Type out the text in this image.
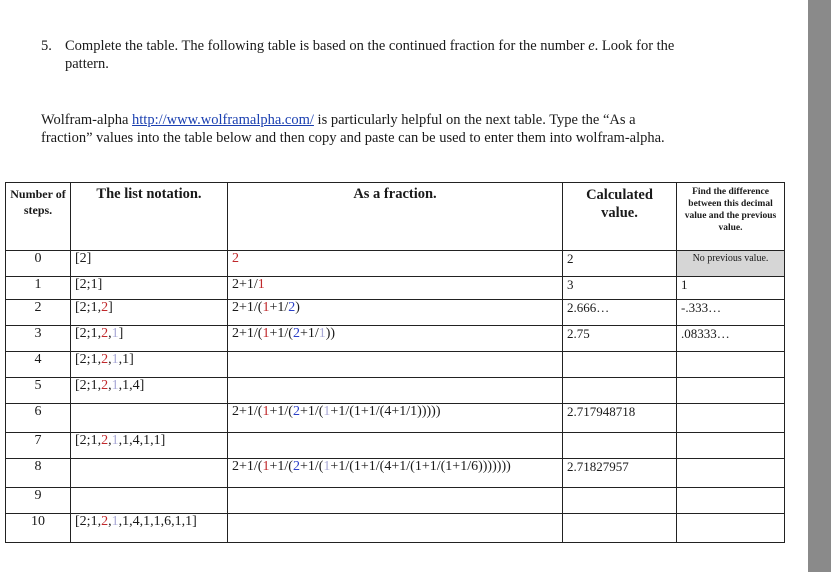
5. Complete the table. The following table is based on the continued fraction for the number e. Look for the
pattern.
Wolfram-alpha http://www.wolframalpha.com/ is particularly helpful on the next table. Type the “As a
fraction” values into the table below and then copy and paste can be used to enter them into wolfram-alpha.
Number of steps.	The list notation.	As a fraction.	Calculated value.	Find the difference between this decimal value and the previous value.
0	[2]	2	2	No previous value.
1	[2;1]	2+1/1	3	1
2	[2;1,2]	2+1/(1+1/2)	2.666…	-.333…
3	[2;1,2,1]	2+1/(1+1/(2+1/1))	2.75	.08333…
4	[2;1,2,1,1]			
5	[2;1,2,1,1,4]			
6		2+1/(1+1/(2+1/(1+1/(1+1/(4+1/1)))))	2.717948718	
7	[2;1,2,1,1,4,1,1]			
8		2+1/(1+1/(2+1/(1+1/(1+1/(4+1/(1+1/(1+1/6)))))))	2.71827957	
9				
10	[2;1,2,1,1,4,1,1,6,1,1]			
